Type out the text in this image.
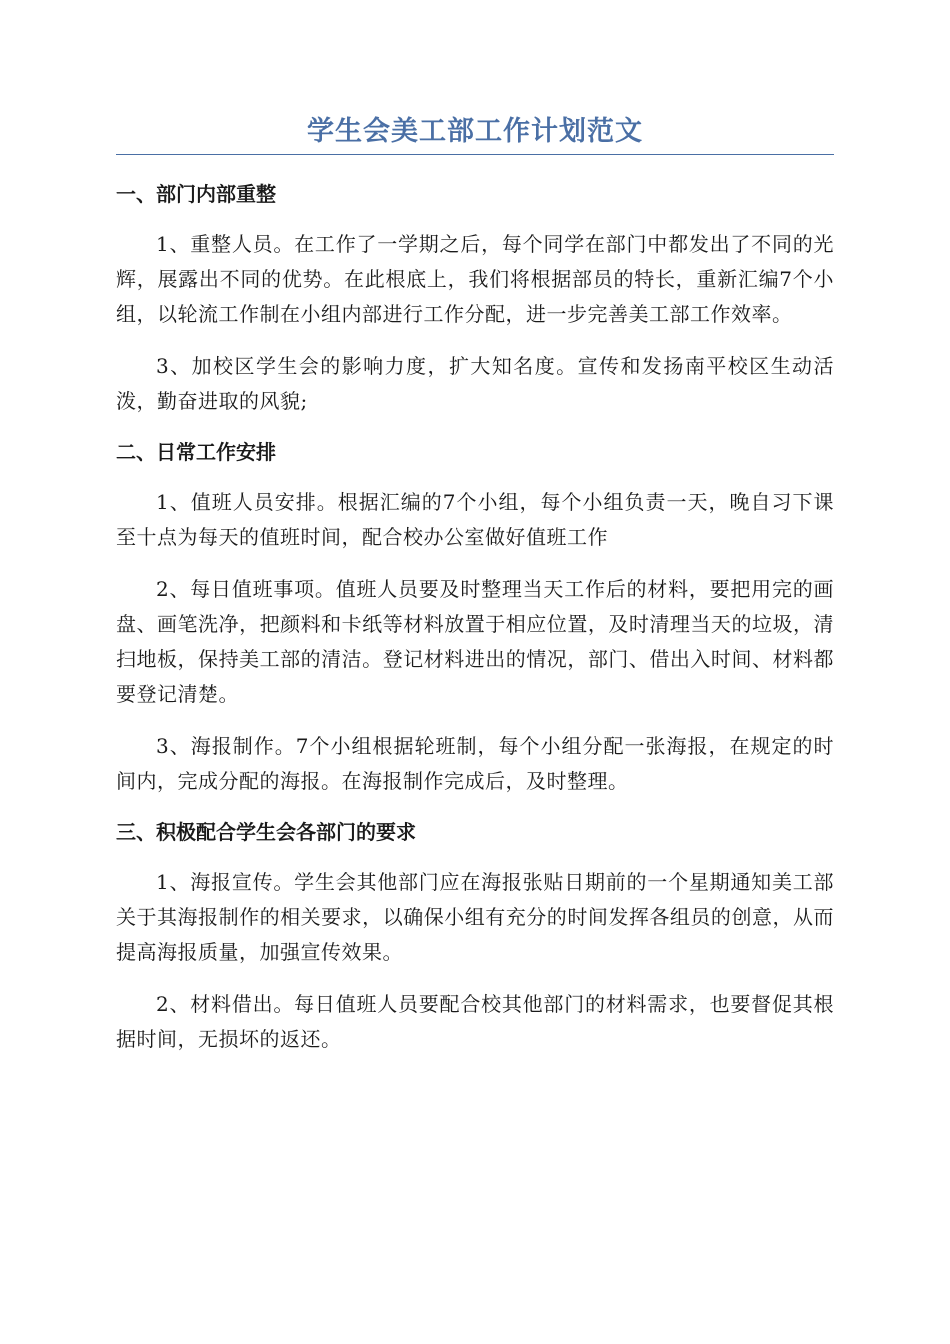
学生会美工部工作计划范文

一、部门内部重整

1、重整人员。在工作了一学期之后，每个同学在部门中都发出了不同的光辉，展露出不同的优势。在此根底上，我们将根据部员的特长，重新汇编7个小组，以轮流工作制在小组内部进行工作分配，进一步完善美工部工作效率。

3、加校区学生会的影响力度，扩大知名度。宣传和发扬南平校区生动活泼，勤奋进取的风貌;

二、日常工作安排

1、值班人员安排。根据汇编的7个小组，每个小组负责一天，晚自习下课至十点为每天的值班时间，配合校办公室做好值班工作

2、每日值班事项。值班人员要及时整理当天工作后的材料，要把用完的画盘、画笔洗净，把颜料和卡纸等材料放置于相应位置，及时清理当天的垃圾，清扫地板，保持美工部的清洁。登记材料进出的情况，部门、借出入时间、材料都要登记清楚。

3、海报制作。7个小组根据轮班制，每个小组分配一张海报，在规定的时间内，完成分配的海报。在海报制作完成后，及时整理。

三、积极配合学生会各部门的要求

1、海报宣传。学生会其他部门应在海报张贴日期前的一个星期通知美工部关于其海报制作的相关要求，以确保小组有充分的时间发挥各组员的创意，从而提高海报质量，加强宣传效果。

2、材料借出。每日值班人员要配合校其他部门的材料需求，也要督促其根据时间，无损坏的返还。
